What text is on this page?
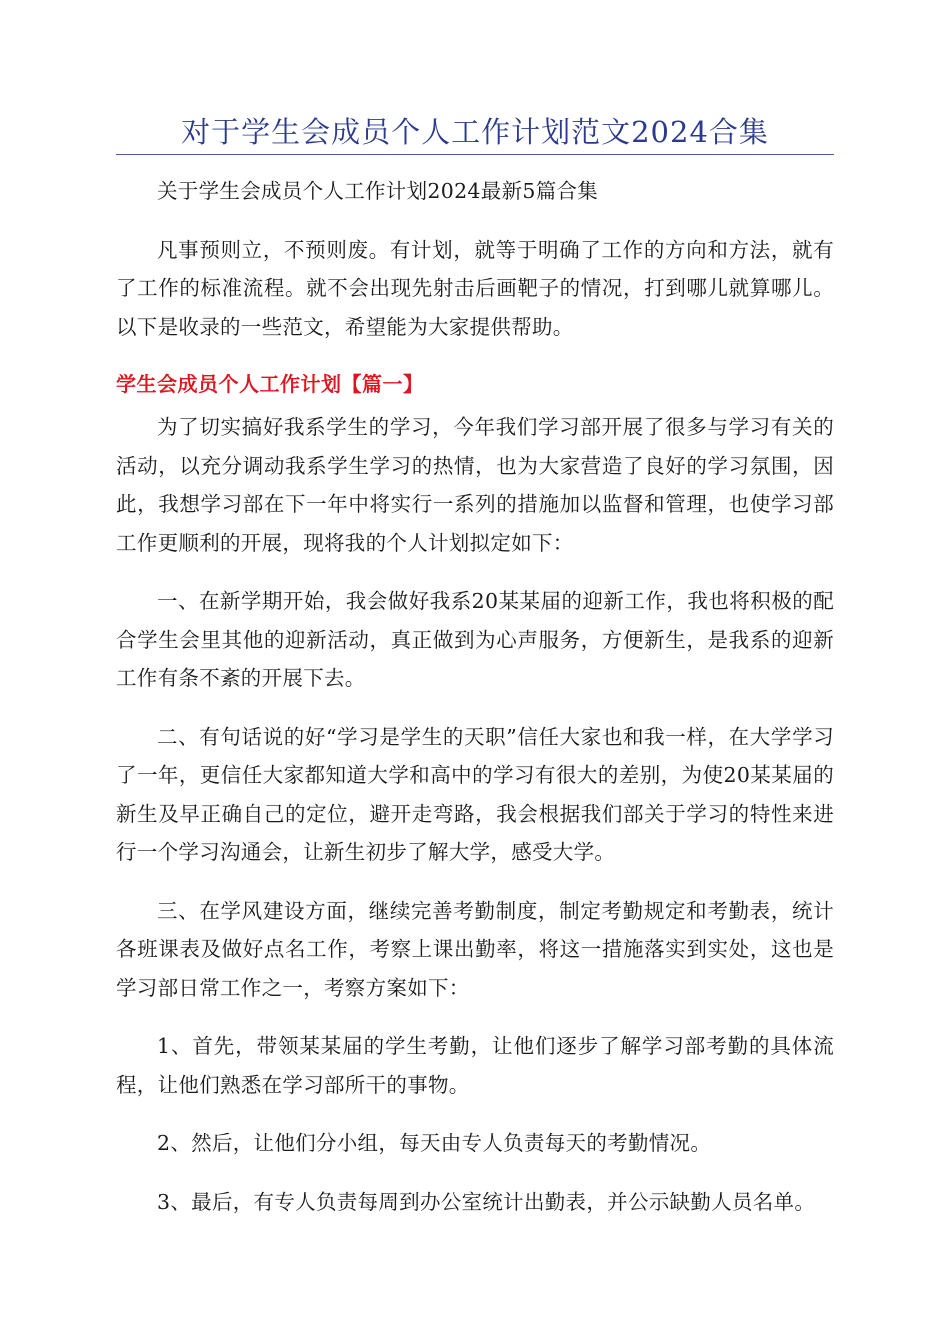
对于学生会成员个人工作计划范文2024合集

关于学生会成员个人工作计划2024最新5篇合集

凡事预则立，不预则废。有计划，就等于明确了工作的方向和方法，就有了工作的标准流程。就不会出现先射击后画靶子的情况，打到哪儿就算哪儿。以下是收录的一些范文，希望能为大家提供帮助。

学生会成员个人工作计划【篇一】

为了切实搞好我系学生的学习，今年我们学习部开展了很多与学习有关的活动，以充分调动我系学生学习的热情，也为大家营造了良好的学习氛围，因此，我想学习部在下一年中将实行一系列的措施加以监督和管理，也使学习部工作更顺利的开展，现将我的个人计划拟定如下：

一、在新学期开始，我会做好我系20某某届的迎新工作，我也将积极的配合学生会里其他的迎新活动，真正做到为心声服务，方便新生，是我系的迎新工作有条不紊的开展下去。

二、有句话说的好“学习是学生的天职”信任大家也和我一样，在大学学习了一年，更信任大家都知道大学和高中的学习有很大的差别，为使20某某届的新生及早正确自己的定位，避开走弯路，我会根据我们部关于学习的特性来进行一个学习沟通会，让新生初步了解大学，感受大学。

三、在学风建设方面，继续完善考勤制度，制定考勤规定和考勤表，统计各班课表及做好点名工作，考察上课出勤率，将这一措施落实到实处，这也是学习部日常工作之一，考察方案如下：

1、首先，带领某某届的学生考勤，让他们逐步了解学习部考勤的具体流程，让他们熟悉在学习部所干的事物。

2、然后，让他们分小组，每天由专人负责每天的考勤情况。

3、最后，有专人负责每周到办公室统计出勤表，并公示缺勤人员名单。
